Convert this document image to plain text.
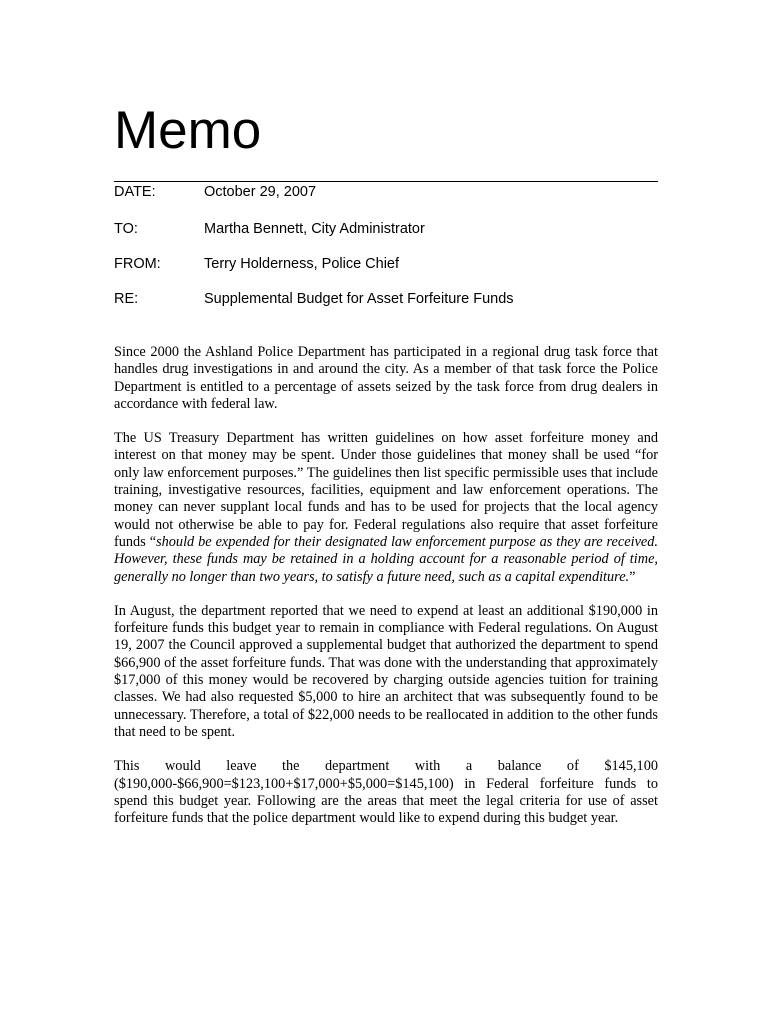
Memo
DATE:	October 29, 2007
TO:	Martha Bennett, City Administrator
FROM:	Terry Holderness, Police Chief
RE:	Supplemental Budget for Asset Forfeiture Funds

Since 2000 the Ashland Police Department has participated in a regional drug task force that handles drug investigations in and around the city. As a member of that task force the Police Department is entitled to a percentage of assets seized by the task force from drug dealers in accordance with federal law.

The US Treasury Department has written guidelines on how asset forfeiture money and interest on that money may be spent. Under those guidelines that money shall be used “for only law enforcement purposes.” The guidelines then list specific permissible uses that include training, investigative resources, facilities, equipment and law enforcement operations. The money can never supplant local funds and has to be used for projects that the local agency would not otherwise be able to pay for. Federal regulations also require that asset forfeiture funds “should be expended for their designated law enforcement purpose as they are received. However, these funds may be retained in a holding account for a reasonable period of time, generally no longer than two years, to satisfy a future need, such as a capital expenditure.”

In August, the department reported that we need to expend at least an additional $190,000 in forfeiture funds this budget year to remain in compliance with Federal regulations. On August 19, 2007 the Council approved a supplemental budget that authorized the department to spend $66,900 of the asset forfeiture funds. That was done with the understanding that approximately $17,000 of this money would be recovered by charging outside agencies tuition for training classes. We had also requested $5,000 to hire an architect that was subsequently found to be unnecessary. Therefore, a total of $22,000 needs to be reallocated in addition to the other funds that need to be spent.

This would leave the department with a balance of $145,100 ($190,000-$66,900=$123,100+$17,000+$5,000=$145,100) in Federal forfeiture funds to spend this budget year. Following are the areas that meet the legal criteria for use of asset forfeiture funds that the police department would like to expend during this budget year.
